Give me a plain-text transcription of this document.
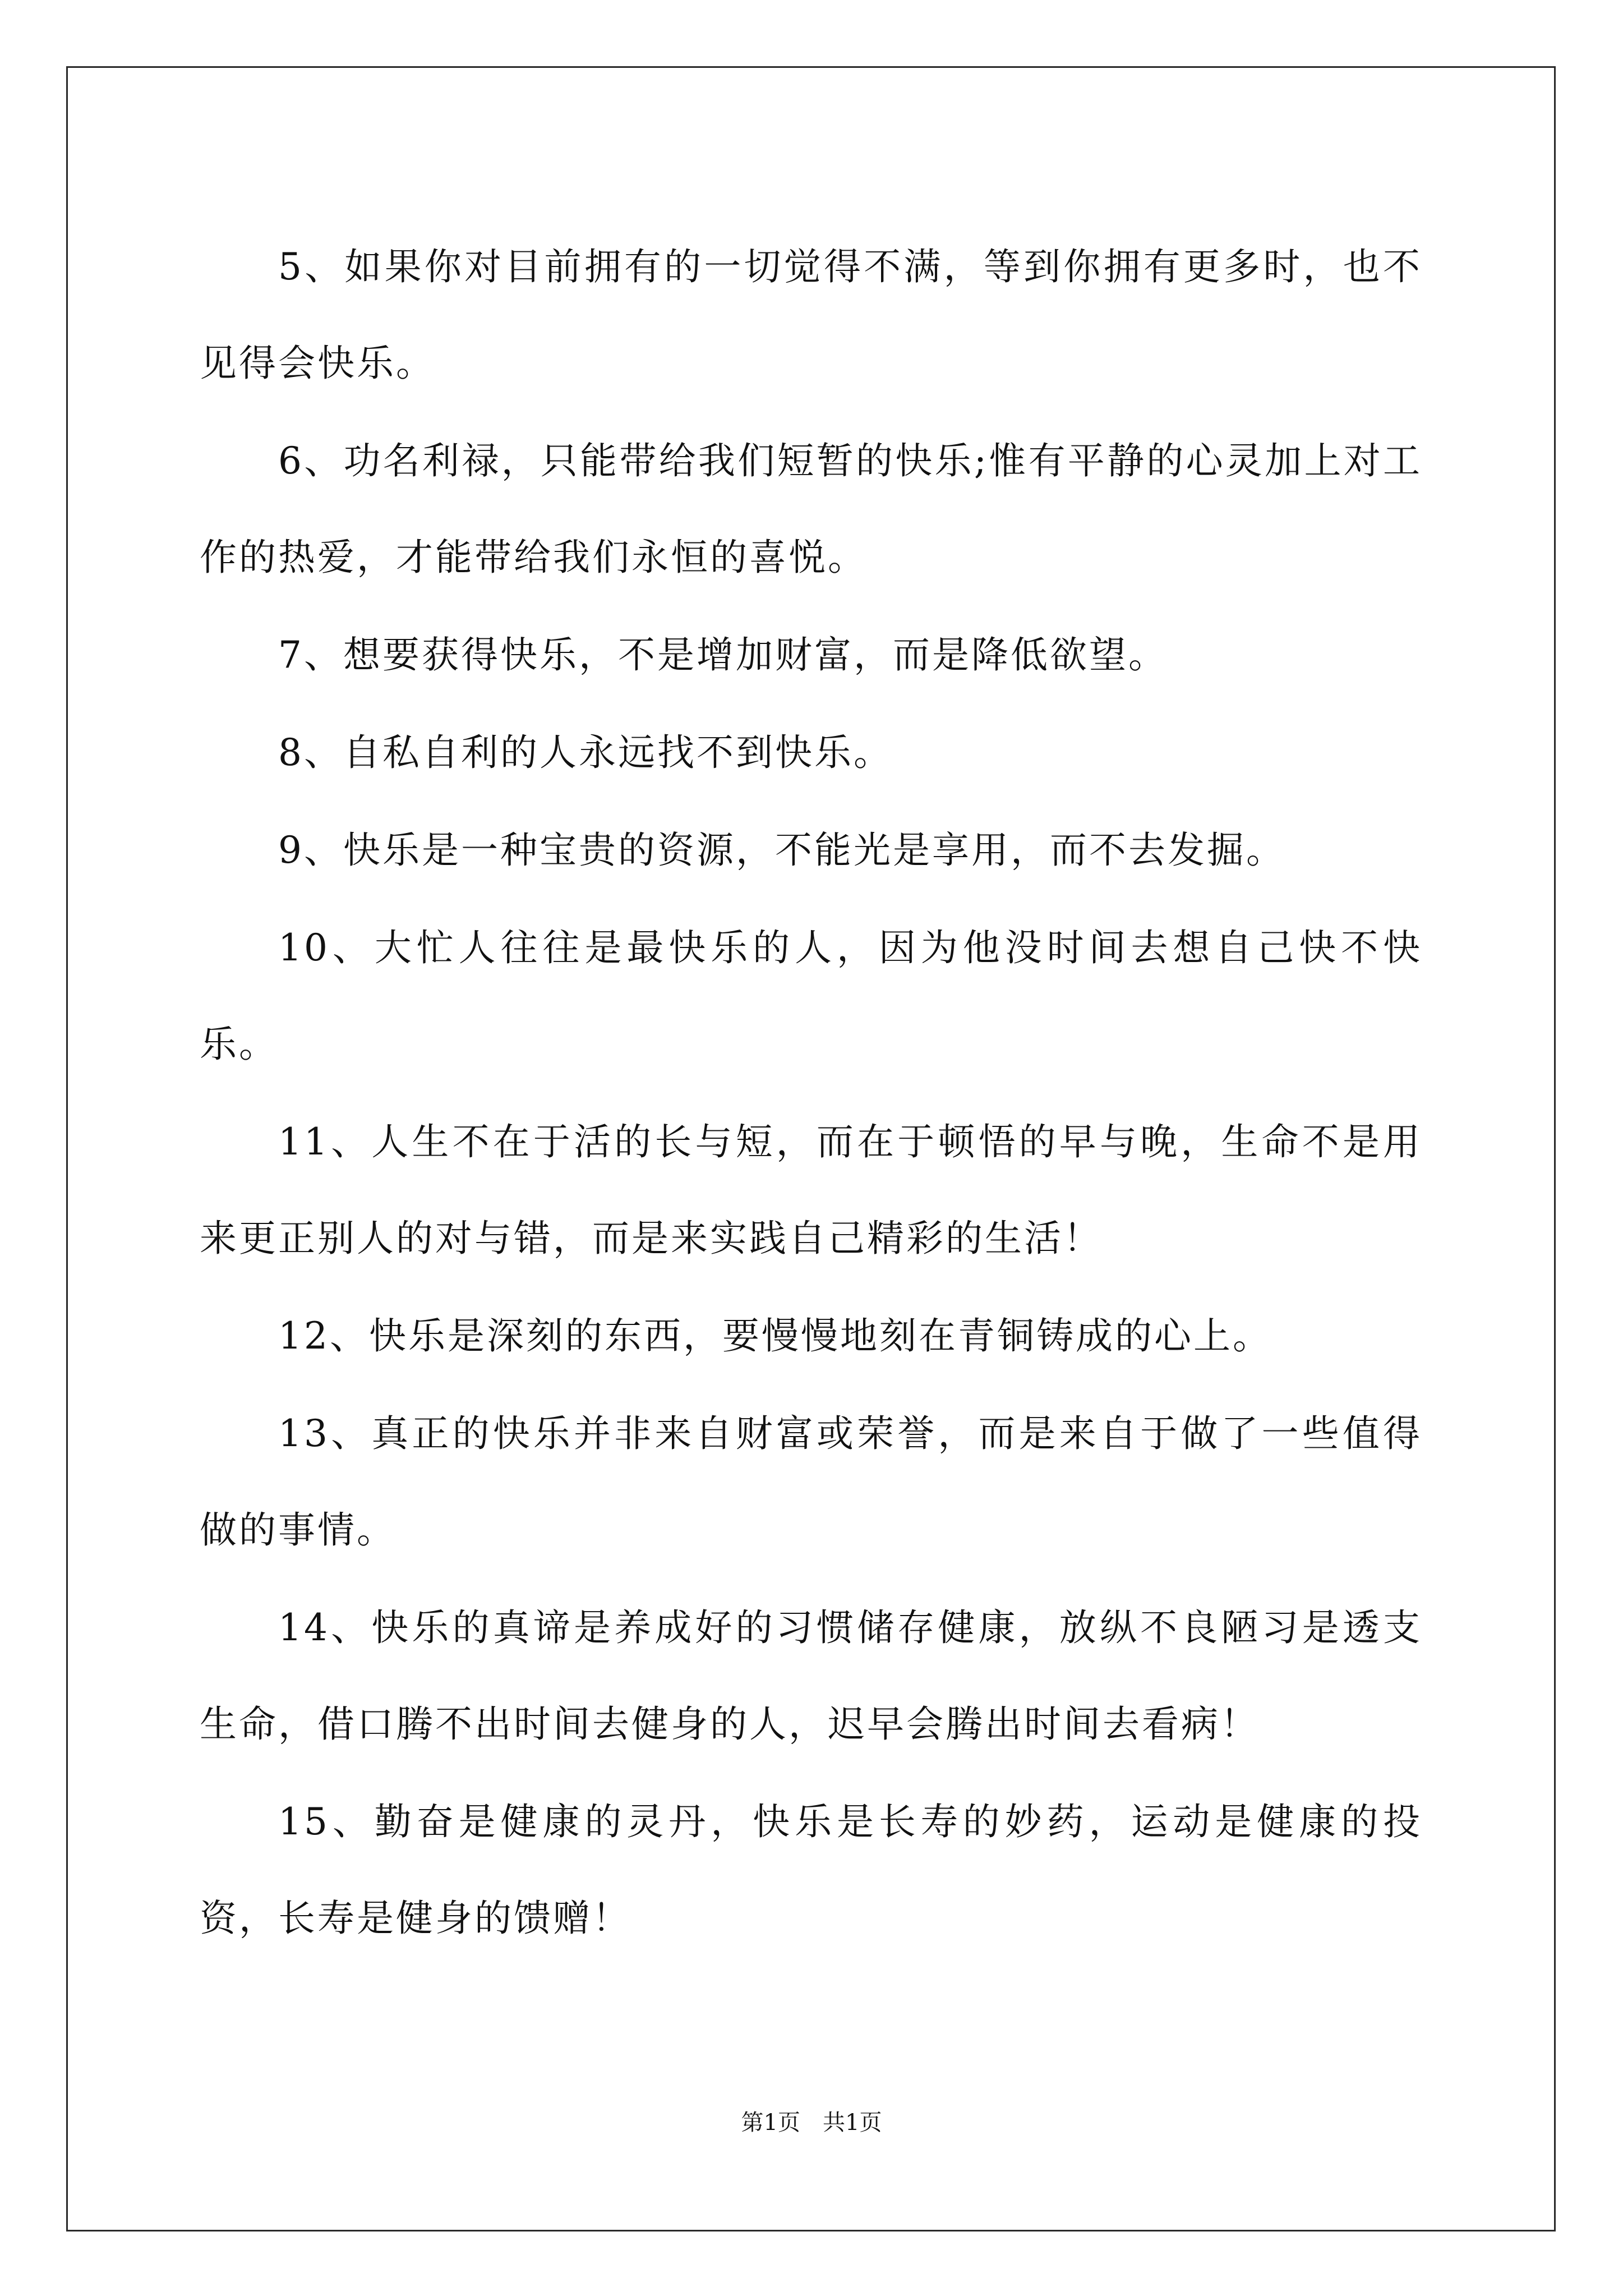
5、如果你对目前拥有的一切觉得不满，等到你拥有更多时，也不见得会快乐。

6、功名利禄，只能带给我们短暂的快乐;惟有平静的心灵加上对工作的热爱，才能带给我们永恒的喜悦。

7、想要获得快乐，不是增加财富，而是降低欲望。

8、自私自利的人永远找不到快乐。

9、快乐是一种宝贵的资源，不能光是享用，而不去发掘。

10、大忙人往往是最快乐的人，因为他没时间去想自己快不快乐。

11、人生不在于活的长与短，而在于顿悟的早与晚，生命不是用来更正别人的对与错，而是来实践自己精彩的生活！

12、快乐是深刻的东西，要慢慢地刻在青铜铸成的心上。

13、真正的快乐并非来自财富或荣誉，而是来自于做了一些值得做的事情。

14、快乐的真谛是养成好的习惯储存健康，放纵不良陋习是透支生命，借口腾不出时间去健身的人，迟早会腾出时间去看病！

15、勤奋是健康的灵丹，快乐是长寿的妙药，运动是健康的投资，长寿是健身的馈赠！

第1页　共1页
